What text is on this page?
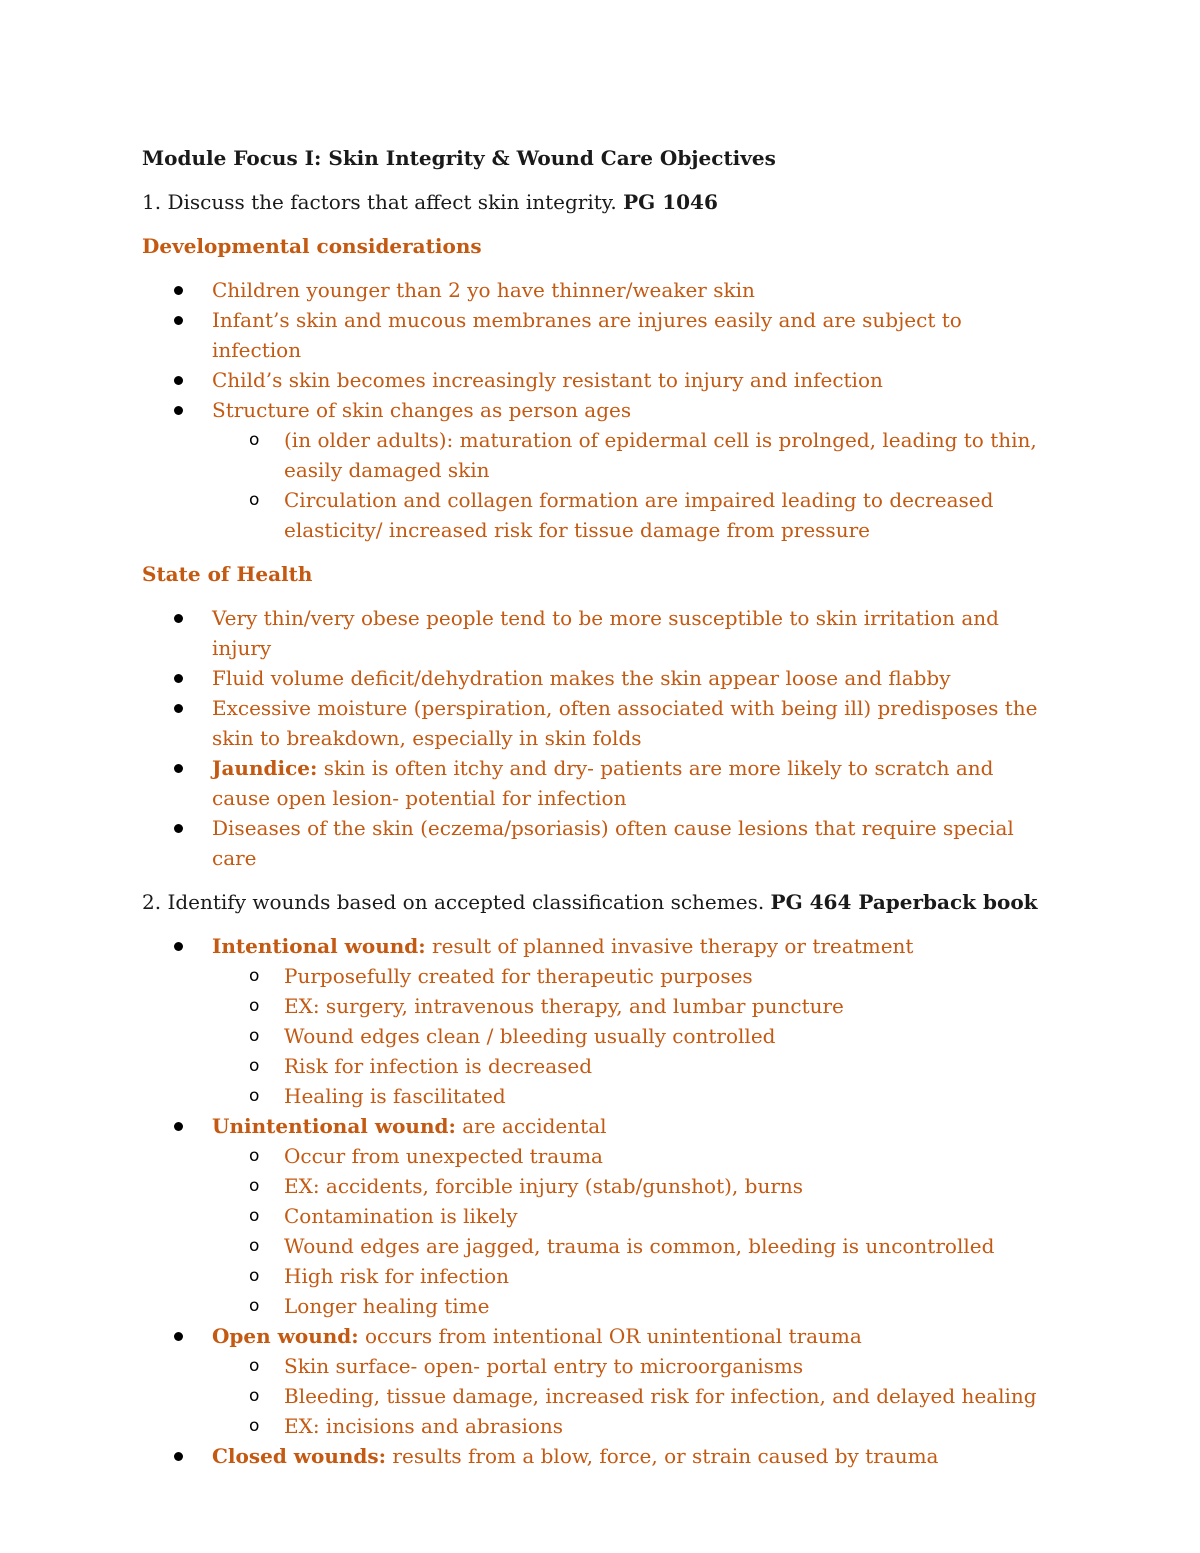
Module Focus I: Skin Integrity & Wound Care Objectives

1. Discuss the factors that affect skin integrity. PG 1046

Developmental considerations

Children younger than 2 yo have thinner/weaker skin
Infant’s skin and mucous membranes are injures easily and are subject to infection
Child’s skin becomes increasingly resistant to injury and infection
Structure of skin changes as person ages
o (in older adults): maturation of epidermal cell is prolnged, leading to thin, easily damaged skin
o Circulation and collagen formation are impaired leading to decreased elasticity/ increased risk for tissue damage from pressure

State of Health

Very thin/very obese people tend to be more susceptible to skin irritation and injury
Fluid volume deficit/dehydration makes the skin appear loose and flabby
Excessive moisture (perspiration, often associated with being ill) predisposes the skin to breakdown, especially in skin folds
Jaundice: skin is often itchy and dry- patients are more likely to scratch and cause open lesion- potential for infection
Diseases of the skin (eczema/psoriasis) often cause lesions that require special care

2. Identify wounds based on accepted classification schemes. PG 464 Paperback book

Intentional wound: result of planned invasive therapy or treatment
o Purposefully created for therapeutic purposes
o EX: surgery, intravenous therapy, and lumbar puncture
o Wound edges clean / bleeding usually controlled
o Risk for infection is decreased
o Healing is fascilitated
Unintentional wound: are accidental
o Occur from unexpected trauma
o EX: accidents, forcible injury (stab/gunshot), burns
o Contamination is likely
o Wound edges are jagged, trauma is common, bleeding is uncontrolled
o High risk for infection
o Longer healing time
Open wound: occurs from intentional OR unintentional trauma
o Skin surface- open- portal entry to microorganisms
o Bleeding, tissue damage, increased risk for infection, and delayed healing
o EX: incisions and abrasions
Closed wounds: results from a blow, force, or strain caused by trauma
